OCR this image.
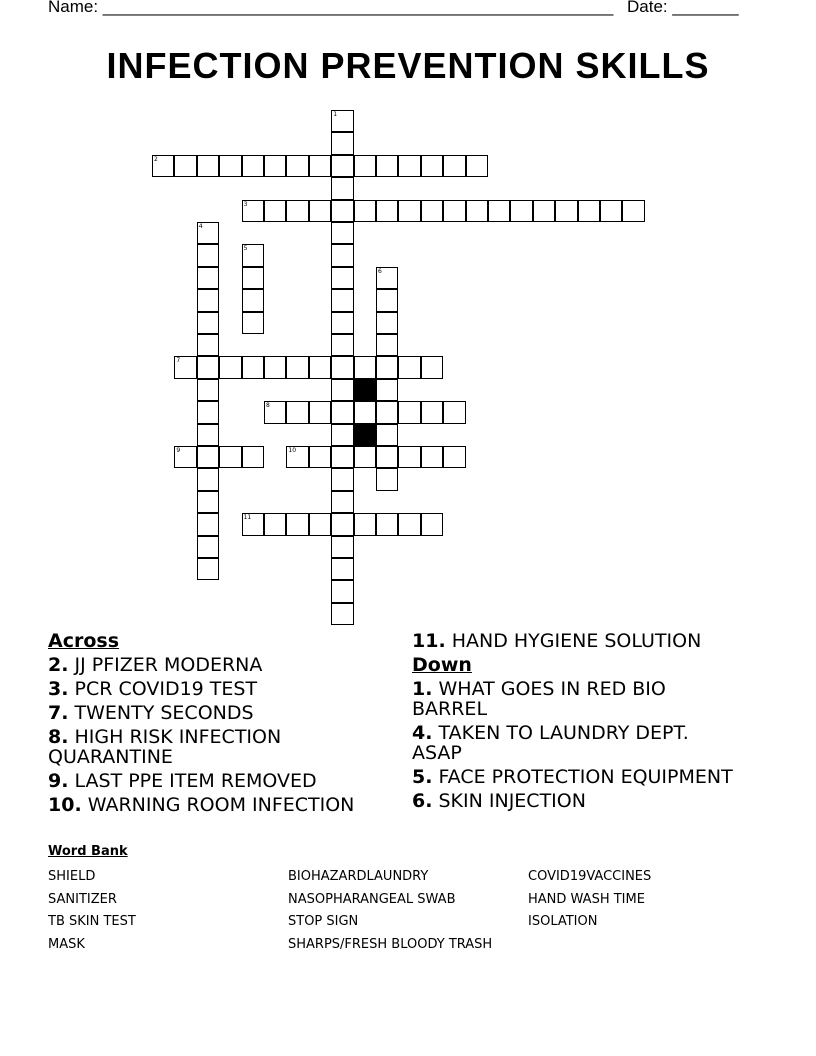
Name: ______________________________________________________ Date: _______
INFECTION PREVENTION SKILLS
1
2
3
4
5
6
7
8
9	10
11
Across
2. JJ PFIZER MODERNA
3. PCR COVID19 TEST
7. TWENTY SECONDS
8. HIGH RISK INFECTION QUARANTINE
9. LAST PPE ITEM REMOVED
10. WARNING ROOM INFECTION
11. HAND HYGIENE SOLUTION
Down
1. WHAT GOES IN RED BIO BARREL
4. TAKEN TO LAUNDRY DEPT. ASAP
5. FACE PROTECTION EQUIPMENT
6. SKIN INJECTION
Word Bank
SHIELD
SANITIZER
TB SKIN TEST
MASK
BIOHAZARDLAUNDRY
NASOPHARANGEAL SWAB
STOP SIGN
SHARPS/FRESH BLOODY TRASH
COVID19VACCINES
HAND WASH TIME
ISOLATION
